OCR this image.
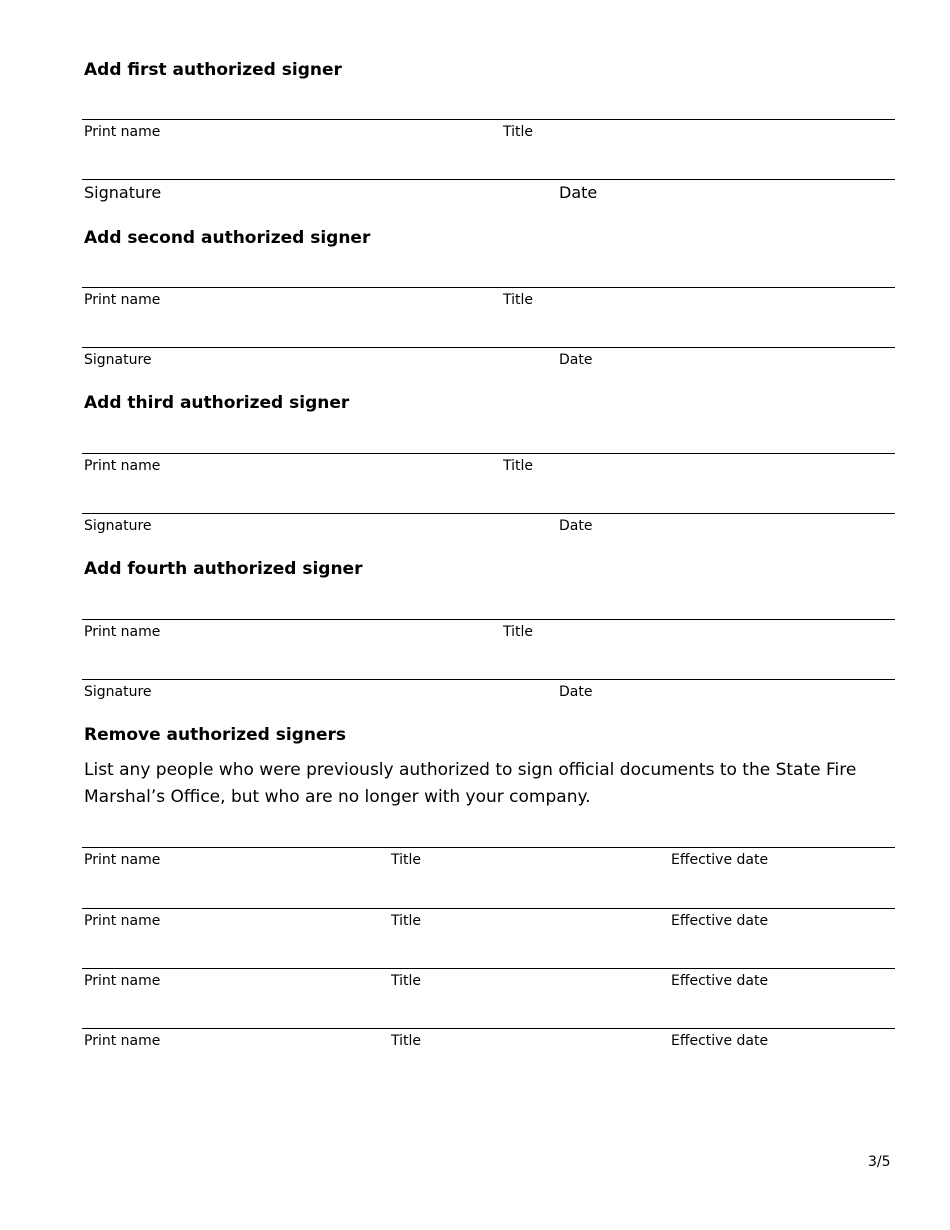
Add first authorized signer
Print name	Title
Signature	Date
Add second authorized signer
Print name	Title
Signature	Date
Add third authorized signer
Print name	Title
Signature	Date
Add fourth authorized signer
Print name	Title
Signature	Date
Remove authorized signers
List any people who were previously authorized to sign official documents to the State Fire Marshal’s Office, but who are no longer with your company.
Print name	Title	Effective date
Print name	Title	Effective date
Print name	Title	Effective date
Print name	Title	Effective date
3/5
